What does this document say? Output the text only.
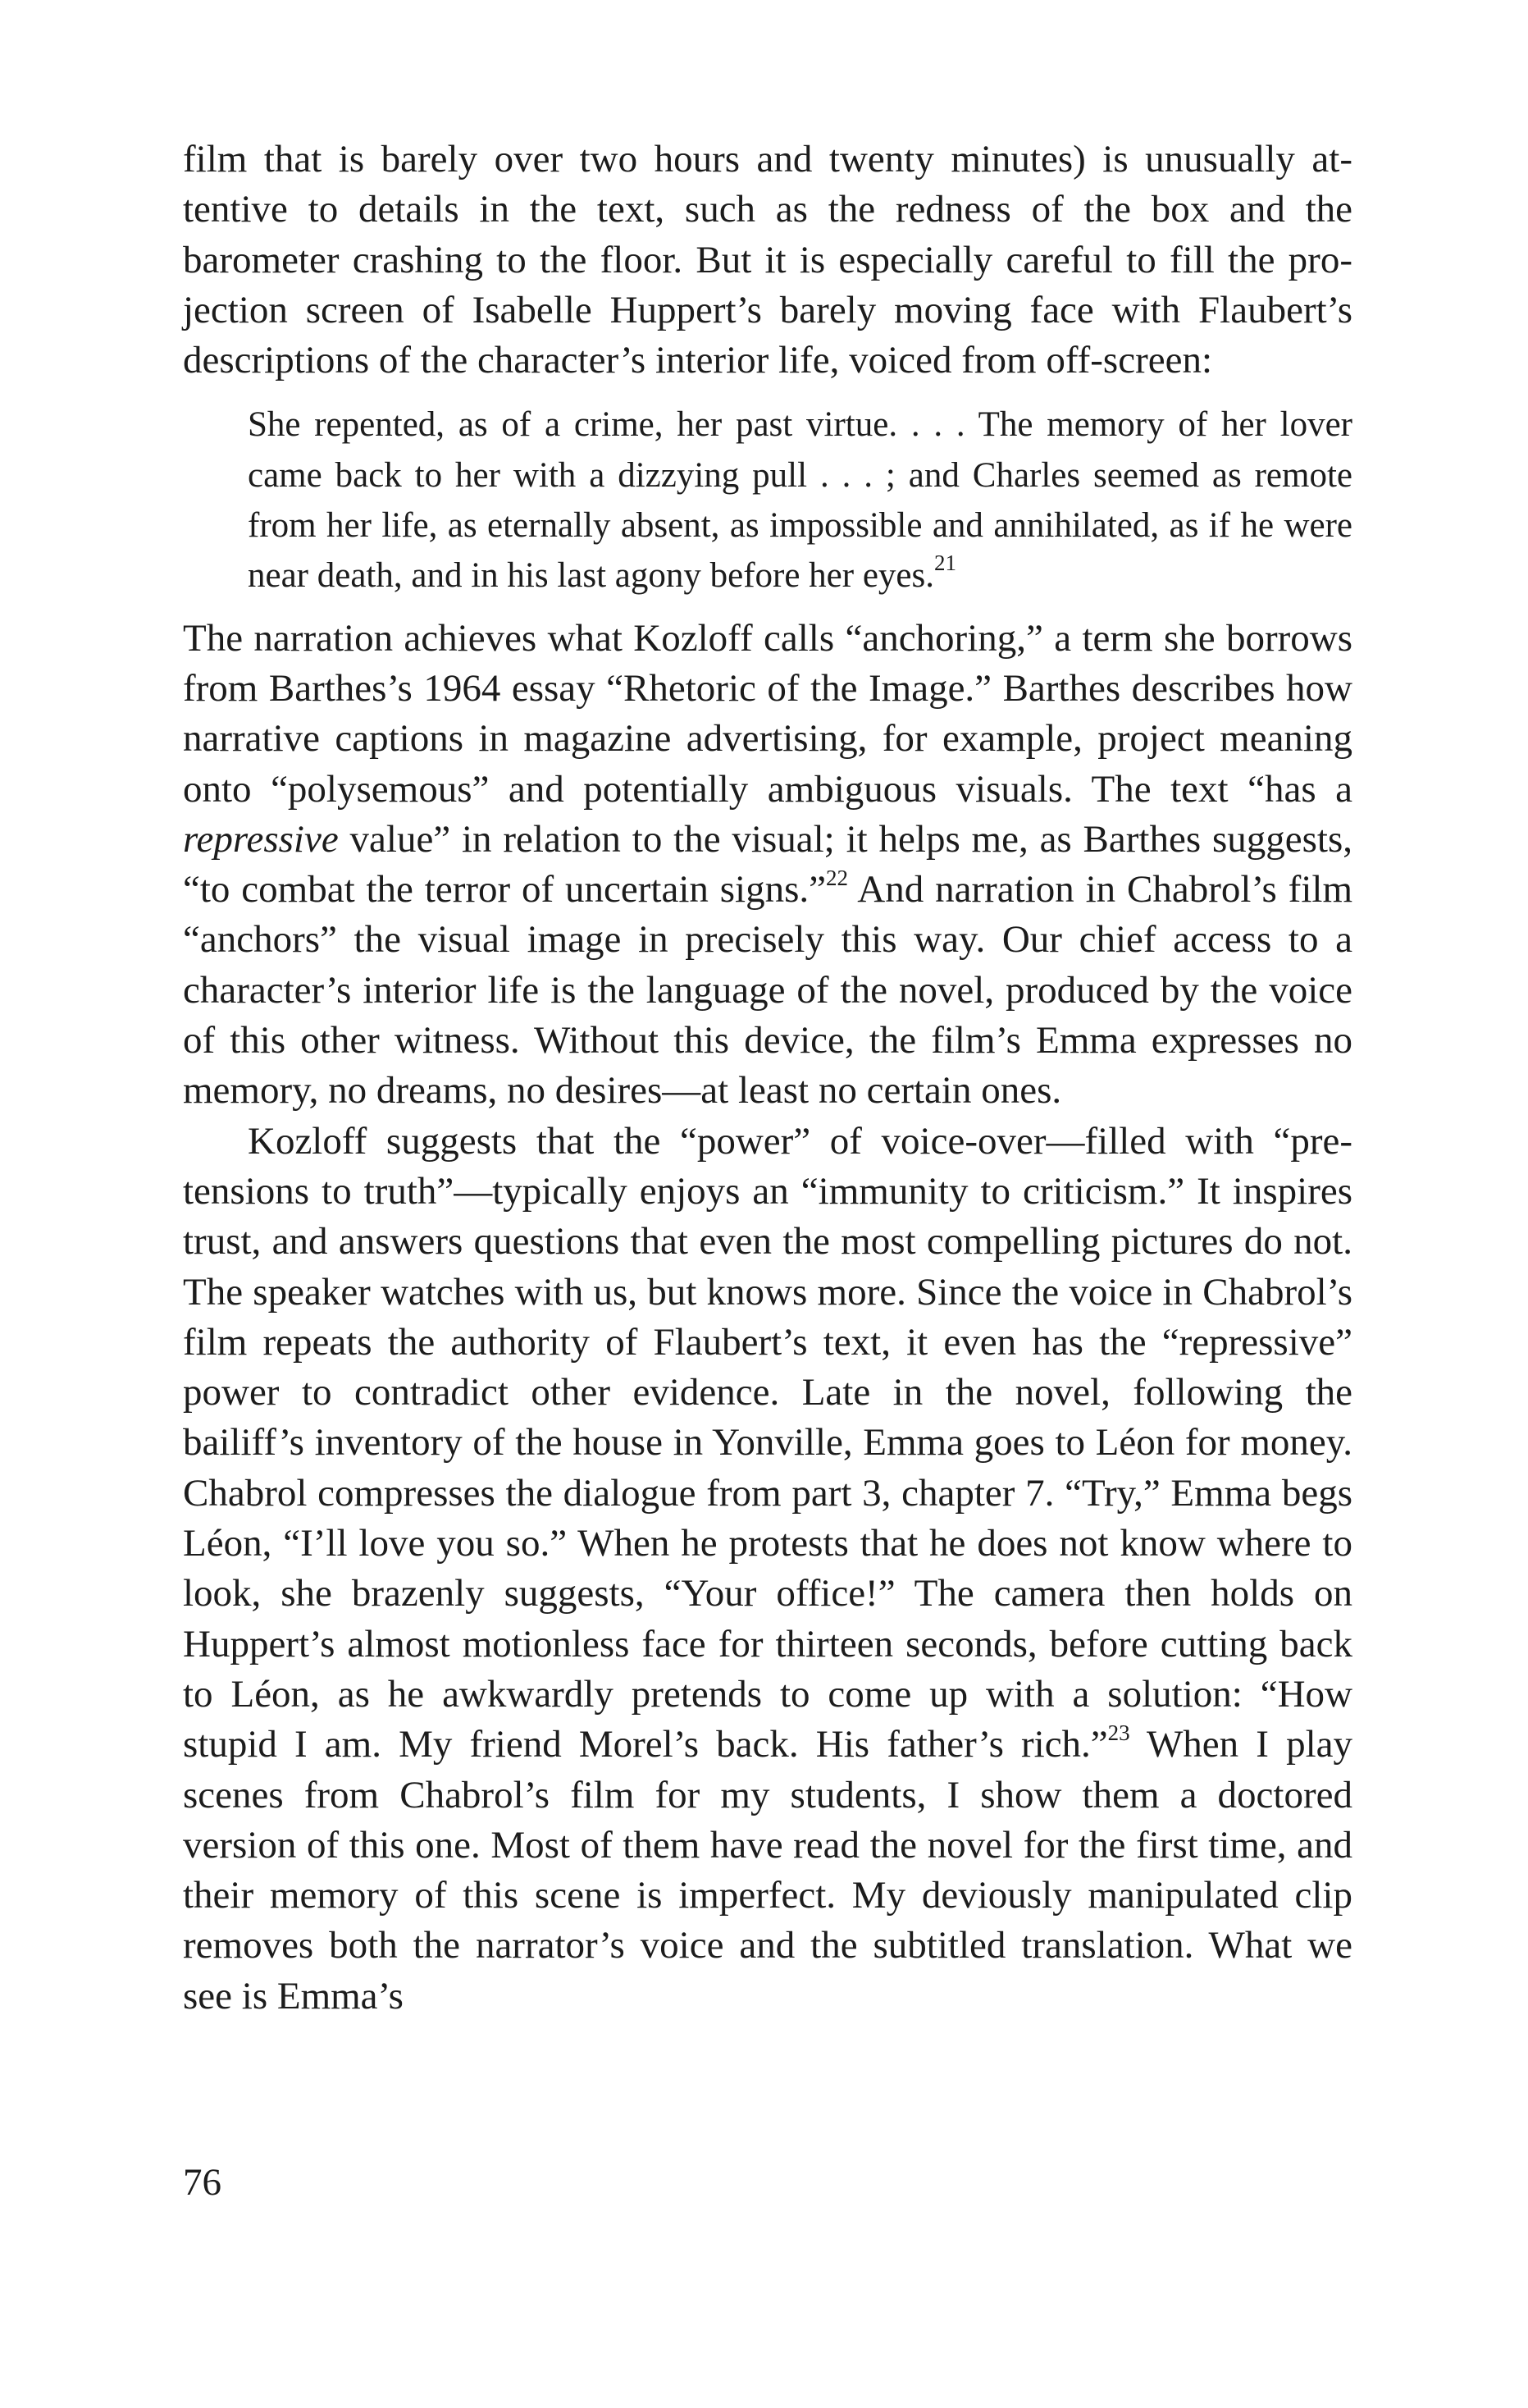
film that is barely over two hours and twenty minutes) is unusually attentive to details in the text, such as the redness of the box and the barometer crashing to the floor. But it is especially careful to fill the projection screen of Isabelle Huppert’s barely moving face with Flaubert’s descriptions of the character’s interior life, voiced from off-screen:

She repented, as of a crime, her past virtue. . . . The memory of her lover came back to her with a dizzying pull . . . ; and Charles seemed as remote from her life, as eternally absent, as impossible and annihilated, as if he were near death, and in his last agony before her eyes.$^{21}$

The narration achieves what Kozloff calls “anchoring,” a term she borrows from Barthes’s 1964 essay “Rhetoric of the Image.” Barthes describes how narrative captions in magazine advertising, for example, project meaning onto “polysemous” and potentially ambiguous visuals. The text “has a repressive value” in relation to the visual; it helps me, as Barthes suggests, “to combat the terror of uncertain signs.”$^{22}$ And narration in Chabrol’s film “anchors” the visual image in precisely this way. Our chief access to a character’s interior life is the language of the novel, produced by the voice of this other witness. Without this device, the film’s Emma expresses no memory, no dreams, no desires—at least no certain ones.

Kozloff suggests that the “power” of voice-over—filled with “pretensions to truth”—typically enjoys an “immunity to criticism.” It inspires trust, and answers questions that even the most compelling pictures do not. The speaker watches with us, but knows more. Since the voice in Chabrol’s film repeats the authority of Flaubert’s text, it even has the “repressive” power to contradict other evidence. Late in the novel, following the bailiff’s inventory of the house in Yonville, Emma goes to Léon for money. Chabrol compresses the dialogue from part 3, chapter 7. “Try,” Emma begs Léon, “I’ll love you so.” When he protests that he does not know where to look, she brazenly suggests, “Your office!” The camera then holds on Huppert’s almost motionless face for thirteen seconds, before cutting back to Léon, as he awkwardly pretends to come up with a solution: “How stupid I am. My friend Morel’s back. His father’s rich.”$^{23}$ When I play scenes from Chabrol’s film for my students, I show them a doctored version of this one. Most of them have read the novel for the first time, and their memory of this scene is imperfect. My deviously manipulated clip removes both the narrator’s voice and the subtitled translation. What we see is Emma’s

76
